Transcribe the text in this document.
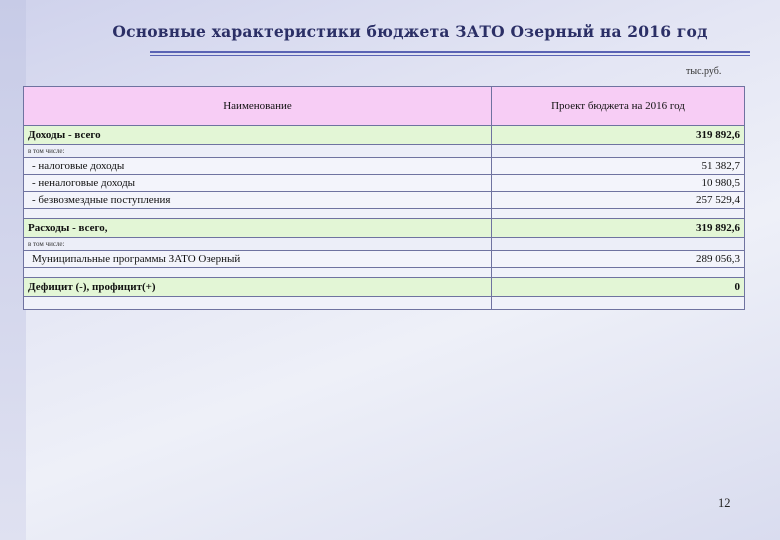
Основные характеристики бюджета ЗАТО Озерный на 2016 год
тыс.руб.
Наименование	Проект бюджета на 2016 год
Доходы - всего	319 892,6
в том числе:	
- налоговые доходы	51 382,7
- неналоговые доходы	10 980,5
- безвозмездные поступления	257 529,4

Расходы - всего,	319 892,6
в том числе:	
Муниципальные программы ЗАТО Озерный	289 056,3

Дефицит (-), профицит(+)	0

12
